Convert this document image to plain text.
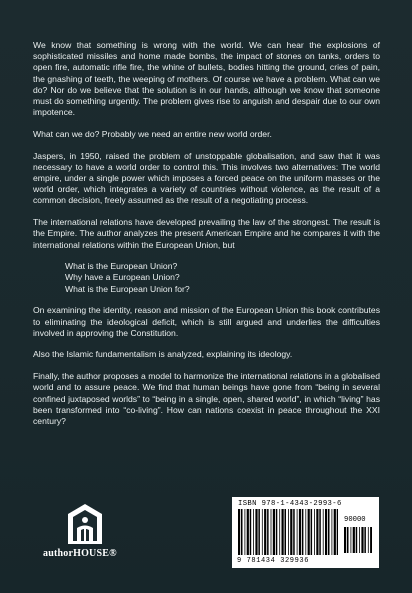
We know that something is wrong with the world. We can hear the explosions of sophisticated missiles and home made bombs, the impact of stones on tanks, orders to open fire, automatic rifle fire, the whine of bullets, bodies hitting the ground, cries of pain, the gnashing of teeth, the weeping of mothers. Of course we have a problem. What can we do? Nor do we believe that the solution is in our hands, although we know that someone must do something urgently. The problem gives rise to anguish and despair due to our own impotence.

What can we do? Probably we need an entire new world order.

Jaspers, in 1950, raised the problem of unstoppable globalisation, and saw that it was necessary to have a world order to control this. This involves two alternatives: The world empire, under a single power which imposes a forced peace on the uniform masses or the world order, which integrates a variety of countries without violence, as the result of a common decision, freely assumed as the result of a negotiating process.

The international relations have developed prevailing the law of the strongest. The result is the Empire. The author analyzes the present American Empire and he compares it with the international relations within the European Union, but

What is the European Union?
Why have a European Union?
What is the European Union for?

On examining the identity, reason and mission of the European Union this book contributes to eliminating the ideological deficit, which is still argued and underlies the difficulties involved in approving the Constitution.

Also the Islamic fundamentalism is analyzed, explaining its ideology.

Finally, the author proposes a model to harmonize the international relations in a globalised world and to assure peace. We find that human beings have gone from “being in several confined juxtaposed worlds” to “being in a single, open, shared world”, in which “living” has been transformed into “co-living”. How can nations coexist in peace throughout the XXI century?

authorHOUSE®
ISBN 978-1-4343-2993-6
90000
9 781434 329936
